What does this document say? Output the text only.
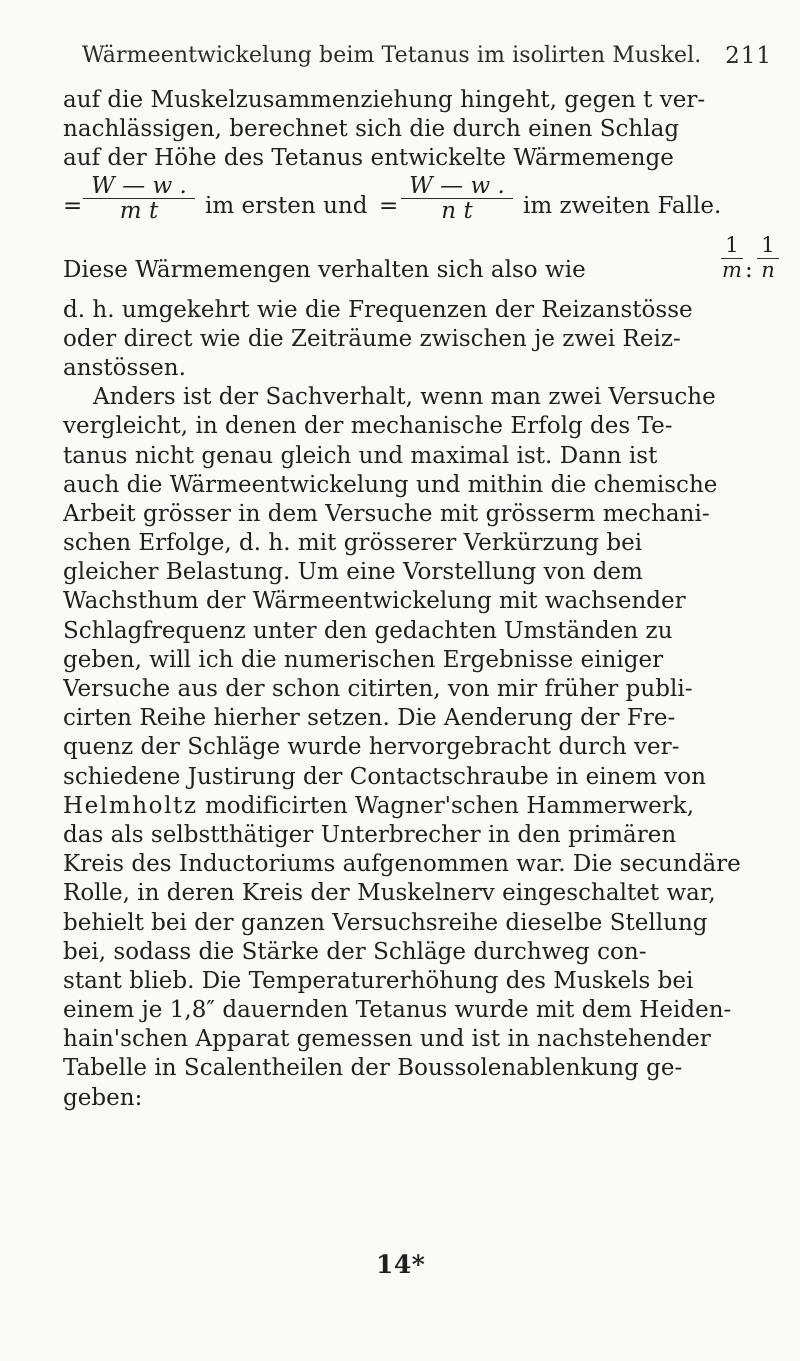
Wärmeentwickelung beim Tetanus im isolirten Muskel. 211
auf die Muskelzusammenziehung hingeht, gegen t ver-
nachlässigen, berechnet sich die durch einen Schlag
auf der Höhe des Tetanus entwickelte Wärmemenge
= $\frac{W — w .}{\text{m t}}$ im ersten und = $\frac{W — w .}{\text{n t}}$ im zweiten Falle.
Diese Wärmemengen verhalten sich also wie	$\frac{1}{m}$ : $\frac{1}{n}$
d. h. umgekehrt wie die Frequenzen der Reizanstösse
oder direct wie die Zeiträume zwischen je zwei Reiz-
anstössen.
Anders ist der Sachverhalt, wenn man zwei Versuche
vergleicht, in denen der mechanische Erfolg des Te-
tanus nicht genau gleich und maximal ist. Dann ist
auch die Wärmeentwickelung und mithin die chemische
Arbeit grösser in dem Versuche mit grösserm mechani-
schen Erfolge, d. h. mit grösserer Verkürzung bei
gleicher Belastung. Um eine Vorstellung von dem
Wachsthum der Wärmeentwickelung mit wachsender
Schlagfrequenz unter den gedachten Umständen zu
geben, will ich die numerischen Ergebnisse einiger
Versuche aus der schon citirten, von mir früher publi-
cirten Reihe hierher setzen. Die Aenderung der Fre-
quenz der Schläge wurde hervorgebracht durch ver-
schiedene Justirung der Contactschraube in einem von
Helmholtz modificirten Wagner'schen Hammerwerk,
das als selbstthätiger Unterbrecher in den primären
Kreis des Inductoriums aufgenommen war. Die secundäre
Rolle, in deren Kreis der Muskelnerv eingeschaltet war,
behielt bei der ganzen Versuchsreihe dieselbe Stellung
bei, sodass die Stärke der Schläge durchweg con-
stant blieb. Die Temperaturerhöhung des Muskels bei
einem je 1,8″ dauernden Tetanus wurde mit dem Heiden-
hain'schen Apparat gemessen und ist in nachstehender
Tabelle in Scalentheilen der Boussolenablenkung ge-
geben:
14*
